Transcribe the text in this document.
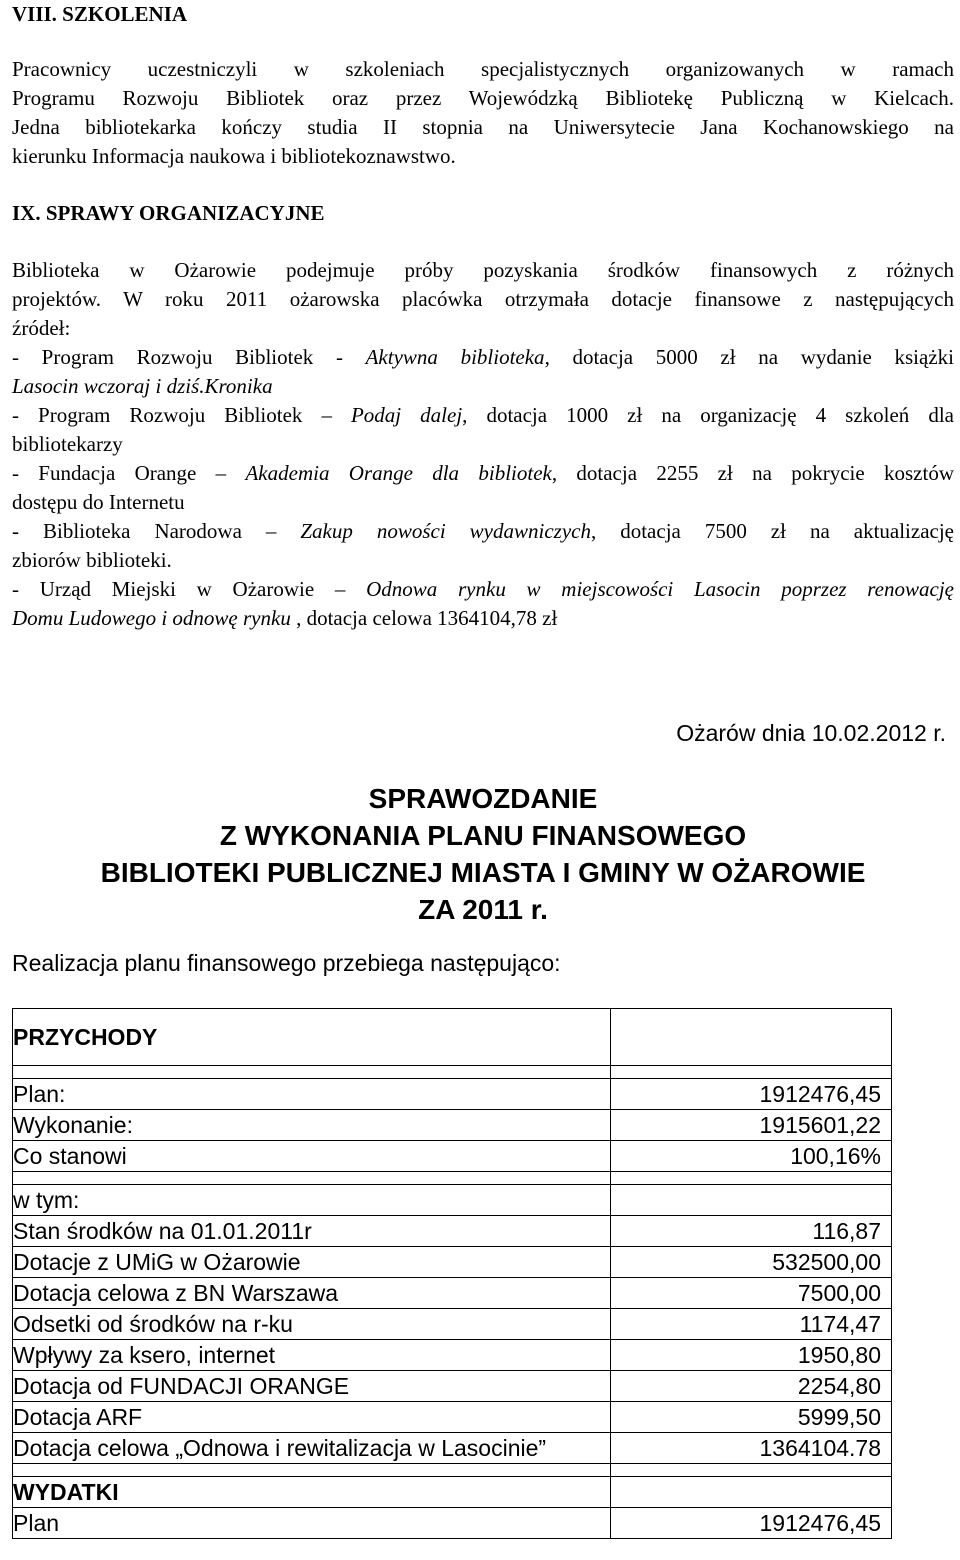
VIII. SZKOLENIA
Pracownicy uczestniczyli w szkoleniach specjalistycznych organizowanych w ramach
Programu Rozwoju Bibliotek oraz przez Wojewódzką Bibliotekę Publiczną w Kielcach.
Jedna bibliotekarka kończy studia II stopnia na Uniwersytecie Jana Kochanowskiego na
kierunku Informacja naukowa i bibliotekoznawstwo.
IX. SPRAWY ORGANIZACYJNE
Biblioteka w Ożarowie podejmuje próby pozyskania środków finansowych z różnych
projektów. W roku 2011 ożarowska placówka otrzymała dotacje finansowe z następujących
źródeł:
- Program Rozwoju Bibliotek - Aktywna biblioteka, dotacja 5000 zł na wydanie książki
Lasocin wczoraj i dziś.Kronika
- Program Rozwoju Bibliotek – Podaj dalej, dotacja 1000 zł na organizację 4 szkoleń dla
bibliotekarzy
- Fundacja Orange – Akademia Orange dla bibliotek, dotacja 2255 zł na pokrycie kosztów
dostępu do Internetu
- Biblioteka Narodowa – Zakup nowości wydawniczych, dotacja 7500 zł na aktualizację
zbiorów biblioteki.
- Urząd Miejski w Ożarowie – Odnowa rynku w miejscowości Lasocin poprzez renowację
Domu Ludowego i odnowę rynku , dotacja celowa 1364104,78 zł
Ożarów dnia 10.02.2012 r.
SPRAWOZDANIE
Z WYKONANIA PLANU FINANSOWEGO
BIBLIOTEKI PUBLICZNEJ MIASTA I GMINY W OŻAROWIE
ZA 2011 r.
Realizacja planu finansowego przebiega następująco:
PRZYCHODY	

Plan:	1912476,45
Wykonanie:	1915601,22
Co stanowi	100,16%

w tym:	
Stan środków na 01.01.2011r	116,87
Dotacje z UMiG w Ożarowie	532500,00
Dotacja celowa z BN Warszawa	7500,00
Odsetki od środków na r-ku	1174,47
Wpływy za ksero, internet	1950,80
Dotacja od FUNDACJI ORANGE	2254,80
Dotacja ARF	5999,50
Dotacja celowa „Odnowa i rewitalizacja w Lasocinie”	1364104.78

WYDATKI	
Plan	1912476,45
